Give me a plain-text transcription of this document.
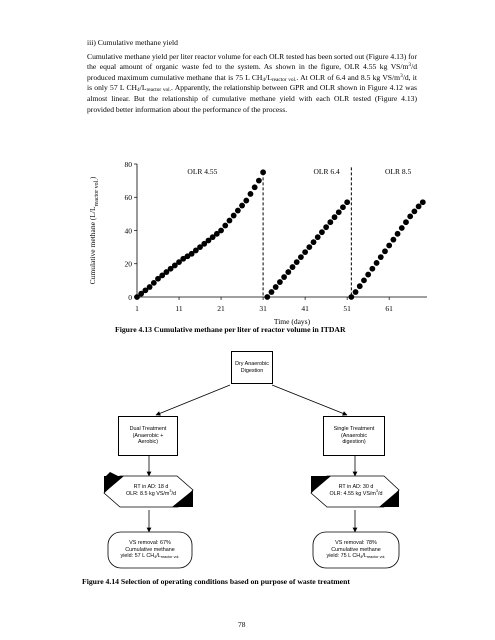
iii) Cumulative methane yield

Cumulative methane yield per liter reactor volume for each OLR tested has been sorted out (Figure 4.13) for the equal amount of organic waste fed to the system. As shown in the figure, OLR 4.55 kg $VS/m^3/d$ produced maximum cumulative methane that is 75 L $CH_4/L_{reactor vol.}$. At OLR of 6.4 and 8.5 kg $VS/m^3/d$, it is only 57 L $CH_4/L_{reactor vol.}$. Apparently, the relationship between GPR and OLR shown in Figure 4.12 was almost linear. But the relationship of cumulative methane yield with each OLR tested (Figure 4.13) provided better information about the performance of the process.

0
20
40
60
80
1	11	21	31	41	51	61
Time (days)
Cumulative methane $(L/L_{reactor vol.})$
OLR 4.55	OLR 6.4	OLR 8.5
Figure 4.13 Cumulative methane per liter of reactor volume in ITDAR
Dry Anaerobic
Digestion
Dual Treatment
(Anaerobic +
Aerobic)
Single Treatment
(Anaerobic
digestion)
RT in AD: 18 d
OLR: 8.5 kg $VS/m^3/d$
RT in AD: 30 d
OLR: 4.55 kg $VS/m^3/d$
VS removal: 67%
Cumulative methane
yield: 57 L $CH_4/L_{reactor vol.}$
VS removal: 78%
Cumulative methane
yield: 75 L $CH_4/L_{reactor vol.}$
Figure 4.14 Selection of operating conditions based on purpose of waste treatment
78
